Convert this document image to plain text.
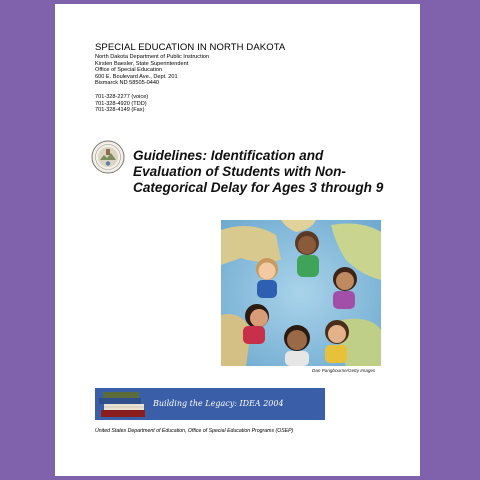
SPECIAL EDUCATION IN NORTH DAKOTA
North Dakota Department of Public Instruction
Kirsten Baesler, State Superintendent
Office of Special Education
600 E. Boulevard Ave., Dept. 201
Bismarck ND 58505-0440
701-328-2277 (voice)
701-328-4920 (TDD)
701-328-4149 (Fax)
· · · · ·
Guidelines: Identification and
Evaluation of Students with Non-
Categorical Delay for Ages 3 through 9
Dan Pangbourne/Getty Images
Building the Legacy: IDEA 2004
United States Department of Education, Office of Special Education Programs (OSEP)
